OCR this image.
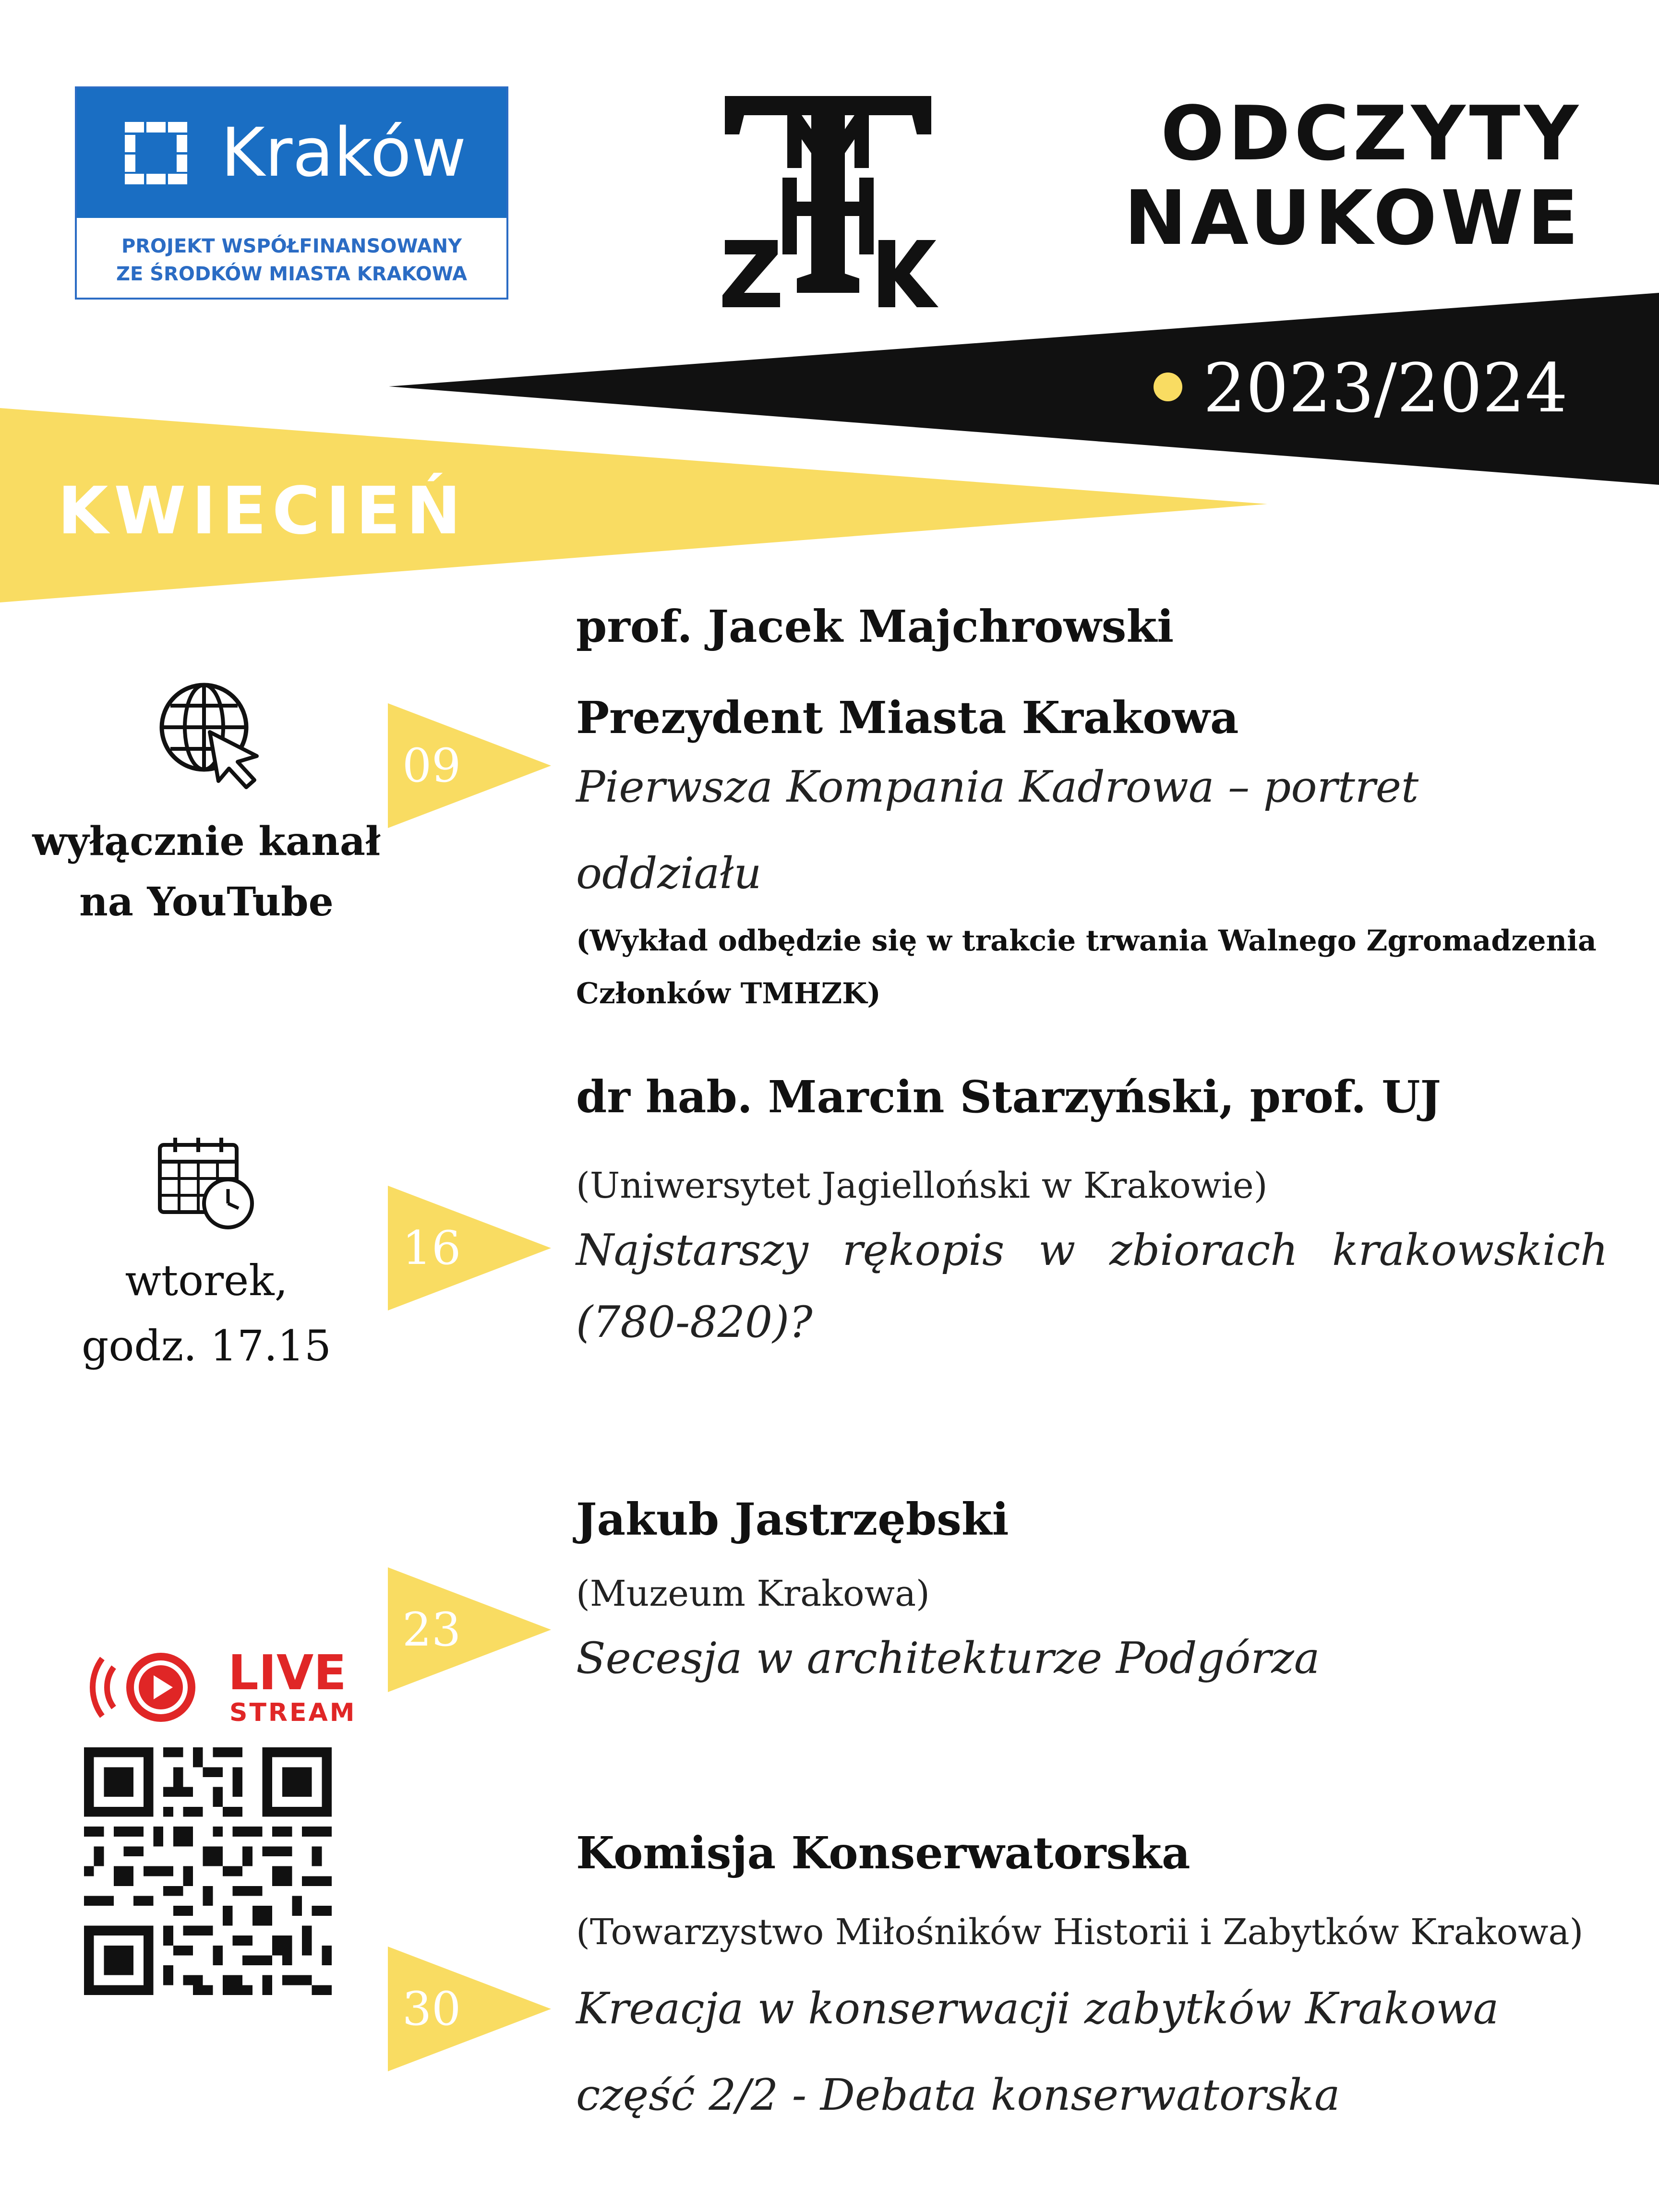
Kraków
PROJEKT WSPÓŁFINANSOWANY
ZE ŚRODKÓW MIASTA KRAKOWA
ODCZYTY
NAUKOWE
2023/2024
KWIECIEŃ
wyłącznie kanał
na YouTube
wtorek,
godz. 17.15
LIVE
STREAM
09
16
23
30
prof. Jacek Majchrowski
Prezydent Miasta Krakowa
Pierwsza Kompania Kadrowa – portret oddziału
(Wykład odbędzie się w trakcie trwania Walnego Zgromadzenia
Członków TMHZK)
dr hab. Marcin Starzyński, prof. UJ
(Uniwersytet Jagielloński w Krakowie)
Najstarszy rękopis w zbiorach krakowskich
(780-820)?
Jakub Jastrzębski
(Muzeum Krakowa)
Secesja w architekturze Podgórza
Komisja Konserwatorska
(Towarzystwo Miłośników Historii i Zabytków Krakowa)
Kreacja w konserwacji zabytków Krakowa
część 2/2 - Debata konserwatorska
